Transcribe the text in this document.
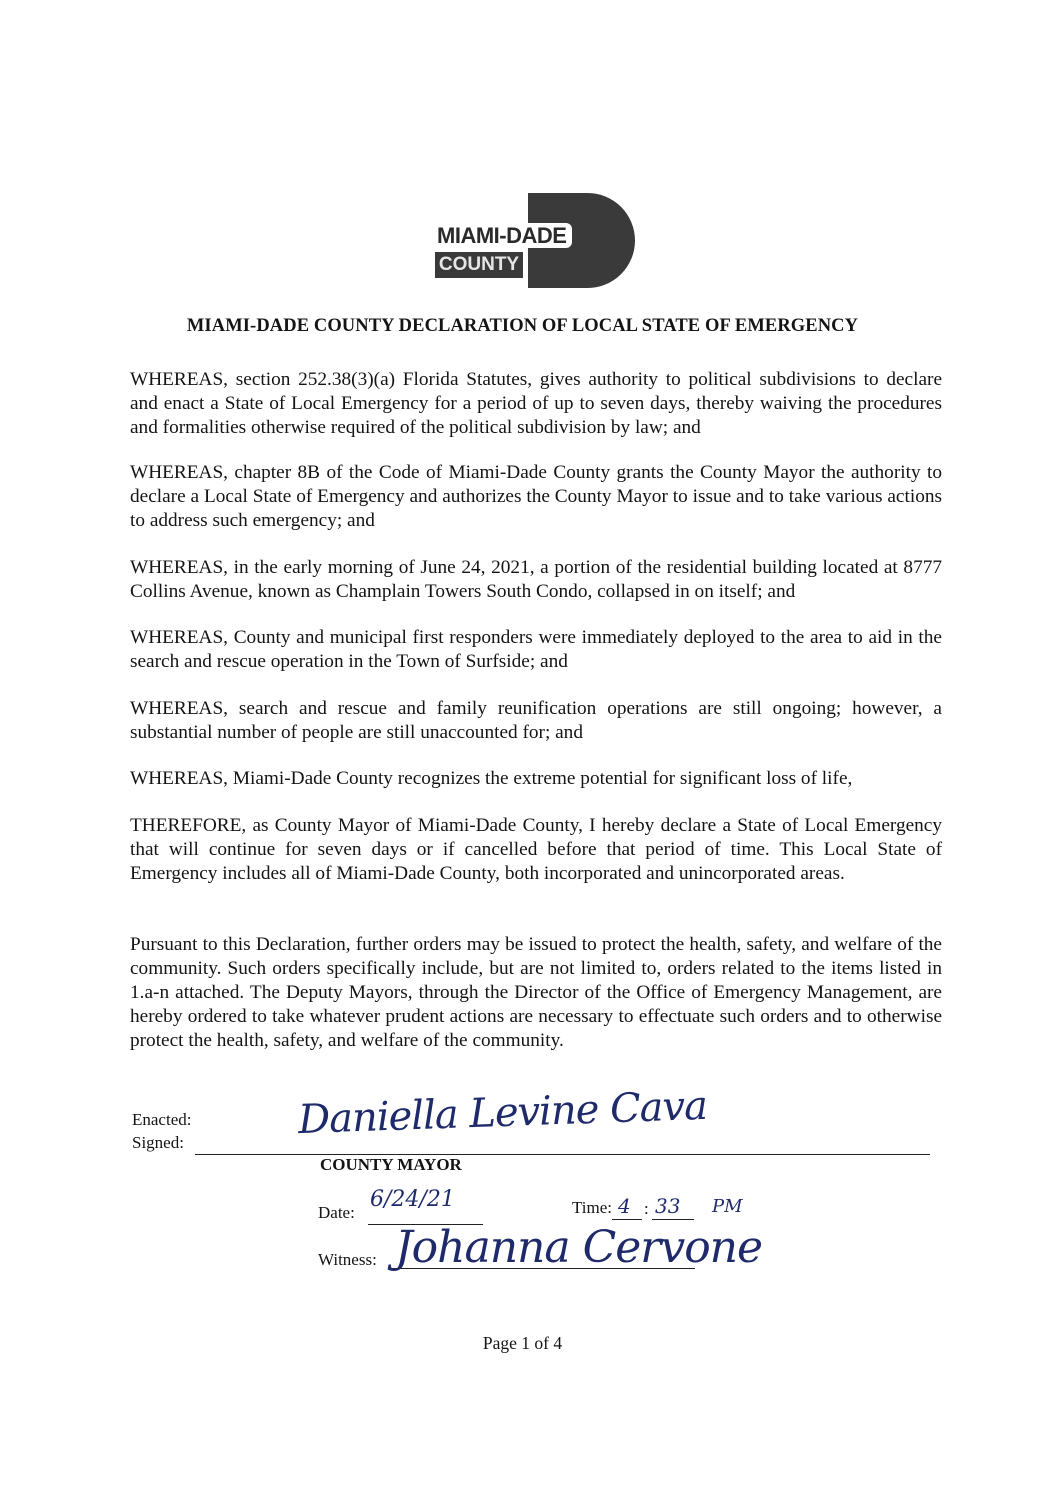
MIAMI-DADE
COUNTY
MIAMI-DADE COUNTY DECLARATION OF LOCAL STATE OF EMERGENCY
WHEREAS, section 252.38(3)(a) Florida Statutes, gives authority to political subdivisions to declare and enact a State of Local Emergency for a period of up to seven days, thereby waiving the procedures and formalities otherwise required of the political subdivision by law; and
WHEREAS, chapter 8B of the Code of Miami-Dade County grants the County Mayor the authority to declare a Local State of Emergency and authorizes the County Mayor to issue and to take various actions to address such emergency; and
WHEREAS, in the early morning of June 24, 2021, a portion of the residential building located at 8777 Collins Avenue, known as Champlain Towers South Condo, collapsed in on itself; and
WHEREAS, County and municipal first responders were immediately deployed to the area to aid in the search and rescue operation in the Town of Surfside; and
WHEREAS, search and rescue and family reunification operations are still ongoing; however, a substantial number of people are still unaccounted for; and
WHEREAS, Miami-Dade County recognizes the extreme potential for significant loss of life,
THEREFORE, as County Mayor of Miami-Dade County, I hereby declare a State of Local Emergency that will continue for seven days or if cancelled before that period of time. This Local State of Emergency includes all of Miami-Dade County, both incorporated and unincorporated areas.
Pursuant to this Declaration, further orders may be issued to protect the health, safety, and welfare of the community. Such orders specifically include, but are not limited to, orders related to the items listed in 1.a-n attached. The Deputy Mayors, through the Director of the Office of Emergency Management, are hereby ordered to take whatever prudent actions are necessary to effectuate such orders and to otherwise protect the health, safety, and welfare of the community.
Enacted:
Signed:	Daniella Levine Cava
COUNTY MAYOR
Date:
6/24/21	Time: :
4 33 PM
Witness: Johanna Cervone
Page 1 of 4
